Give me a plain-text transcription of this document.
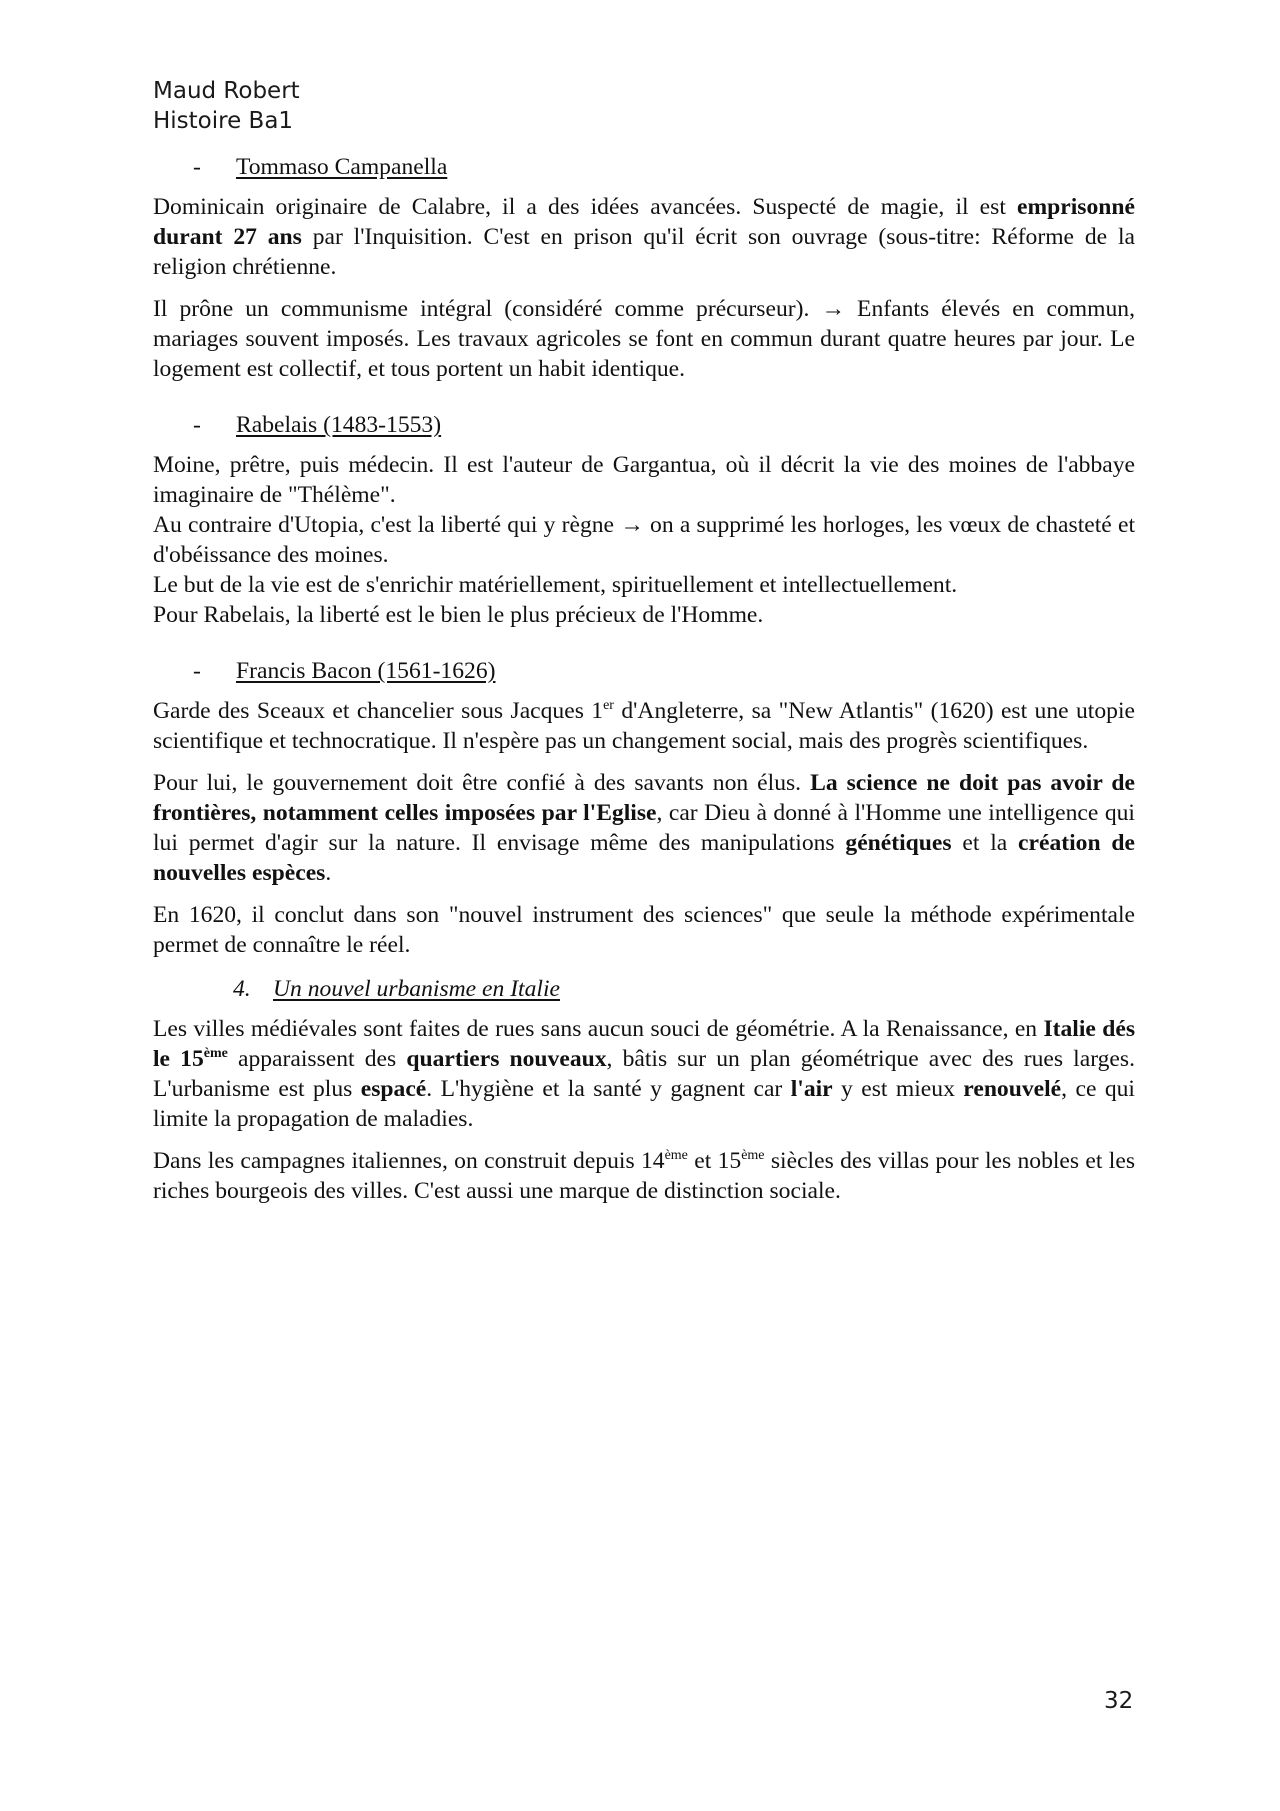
Maud Robert
Histoire Ba1
-	Tommaso Campanella

Dominicain originaire de Calabre, il a des idées avancées. Suspecté de magie, il est emprisonné durant 27 ans par l'Inquisition. C'est en prison qu'il écrit son ouvrage (sous-titre: Réforme de la religion chrétienne.

Il prône un communisme intégral (considéré comme précurseur). → Enfants élevés en commun, mariages souvent imposés. Les travaux agricoles se font en commun durant quatre heures par jour. Le logement est collectif, et tous portent un habit identique.

-	Rabelais (1483-1553)

Moine, prêtre, puis médecin. Il est l'auteur de Gargantua, où il décrit la vie des moines de l'abbaye imaginaire de "Thélème".
Au contraire d'Utopia, c'est la liberté qui y règne → on a supprimé les horloges, les vœux de chasteté et d'obéissance des moines.
Le but de la vie est de s'enrichir matériellement, spirituellement et intellectuellement.
Pour Rabelais, la liberté est le bien le plus précieux de l'Homme.

-	Francis Bacon (1561-1626)

Garde des Sceaux et chancelier sous Jacques 1er d'Angleterre, sa "New Atlantis" (1620) est une utopie scientifique et technocratique. Il n'espère pas un changement social, mais des progrès scientifiques.

Pour lui, le gouvernement doit être confié à des savants non élus. La science ne doit pas avoir de frontières, notamment celles imposées par l'Eglise, car Dieu à donné à l'Homme une intelligence qui lui permet d'agir sur la nature. Il envisage même des manipulations génétiques et la création de nouvelles espèces.

En 1620, il conclut dans son "nouvel instrument des sciences" que seule la méthode expérimentale permet de connaître le réel.

4. Un nouvel urbanisme en Italie

Les villes médiévales sont faites de rues sans aucun souci de géométrie. A la Renaissance, en Italie dés le 15ème apparaissent des quartiers nouveaux, bâtis sur un plan géométrique avec des rues larges. L'urbanisme est plus espacé. L'hygiène et la santé y gagnent car l'air y est mieux renouvelé, ce qui limite la propagation de maladies.

Dans les campagnes italiennes, on construit depuis 14ème et 15ème siècles des villas pour les nobles et les riches bourgeois des villes. C'est aussi une marque de distinction sociale.

32
